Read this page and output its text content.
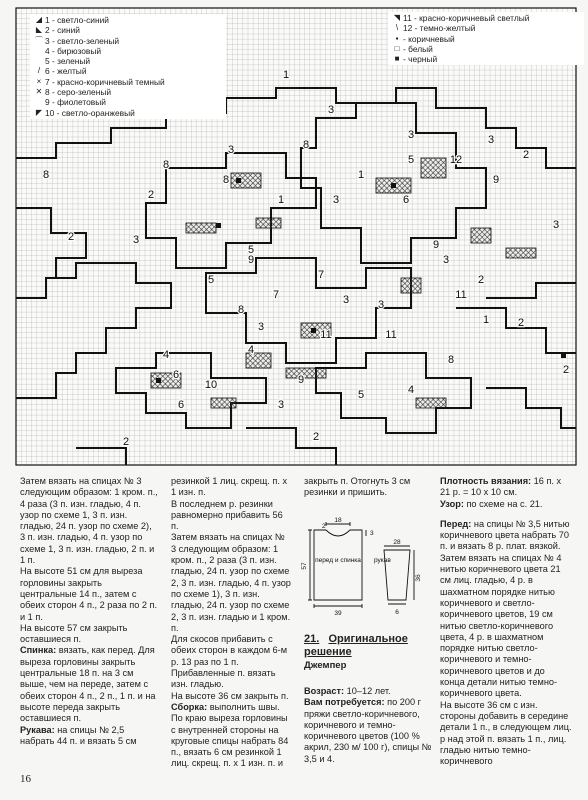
1
1
1
2
2
2
2
2
2
2
3
3
3
3
3
3
3
3
3
4	4
4
5
5
5
6
6
7
8
8
8
8
8
9
9
9
10
11
11
12
3
3
1
2
8
9
11
7
3
6
5
◢ 1 - светло-синий
◣ 2 - синий
⌒ 3 - светло-зеленый
4 - бирюзовый
5 - зеленый
/ 6 - желтый
× 7 - красно-коричневый темный
✕ 8 - серо-зеленый
9 - фиолетовый
◤ 10 - светло-оранжевый
◥ 11 - красно-коричневый светлый
\ 12 - темно-желтый
▪ - коричневый
□ - белый
■ - черный

Затем вязать на спицах № 3 следующим образом: 1 кром. п., 4 раза (3 п. изн. гладью, 4 п. узор по схеме 1, 3 п. изн. гладью, 24 п. узор по схеме 2), 3 п. изн. гладью, 4 п. узор по схеме 1, 3 п. изн. гладью, 2 п. и 1 п.

На высоте 51 см для выреза горловины закрыть центральные 14 п., затем с обеих сторон 4 п., 2 раза по 2 п. и 1 п.

На высоте 57 см закрыть оставшиеся п.

Спинка: вязать, как перед. Для выреза горловины закрыть центральные 18 п. на 3 см выше, чем на переде, затем с обеих сторон 4 п., 2 п., 1 п. и на высоте переда закрыть оставшиеся п.

Рукава: на спицы № 2,5 набрать 44 п. и вязать 5 см

резинкой 1 лиц. скрещ. п. х 1 изн. п.

В последнем р. резинки равномерно прибавить 56 п.

Затем вязать на спицах № 3 следующим образом: 1 кром. п., 2 раза (3 п. изн. гладью, 24 п. узор по схеме 2, 3 п. изн. гладью, 4 п. узор по схеме 1), 3 п. изн. гладью, 24 п. узор по схеме 2, 3 п. изн. гладью и 1 кром. п.

Для скосов прибавить с обеих сторон в каждом 6-м р. 13 раз по 1 п. Прибавленные п. вязать изн. гладью.

На высоте 36 см закрыть п.

Сборка: выполнить швы. По краю выреза горловины с внутренней стороны на круговые спицы набрать 84 п., вязать 6 см резинкой 1 лиц. скрещ. п. х 1 изн. п. и

закрыть п. Отогнуть 3 см резинки и пришить.

18
3
57
39
28
36
перед и спинка рукав
6
2
21. Оригинальное
решение
Джемпер

Возраст: 10–12 лет.

Вам потребуется: по 200 г пряжи светло-коричневого, коричневого и темно-коричневого цветов (100 % акрил, 230 м/ 100 г), спицы № 3,5 и 4.

Плотность вязания: 16 п. х 21 р. = 10 х 10 см.

Узор: по схеме на с. 21.

Перед: на спицы № 3,5 нитью коричневого цвета набрать 70 п. и вязать 8 р. плат. вязкой.

Затем вязать на спицах № 4 нитью коричневого цвета 21 см лиц. гладью, 4 р. в шахматном порядке нитью коричневого и светло-коричневого цветов, 19 см нитью светло-коричневого цвета, 4 р. в шахматном порядке нитью светло-коричневого и темно-коричневого цветов и до конца детали нитью темно-коричневого цвета.

На высоте 36 см с изн. стороны добавить в середине детали 1 п., в следующем лиц. р над этой п. вязать 1 п., лиц. гладью нитью темно-коричневого

16
